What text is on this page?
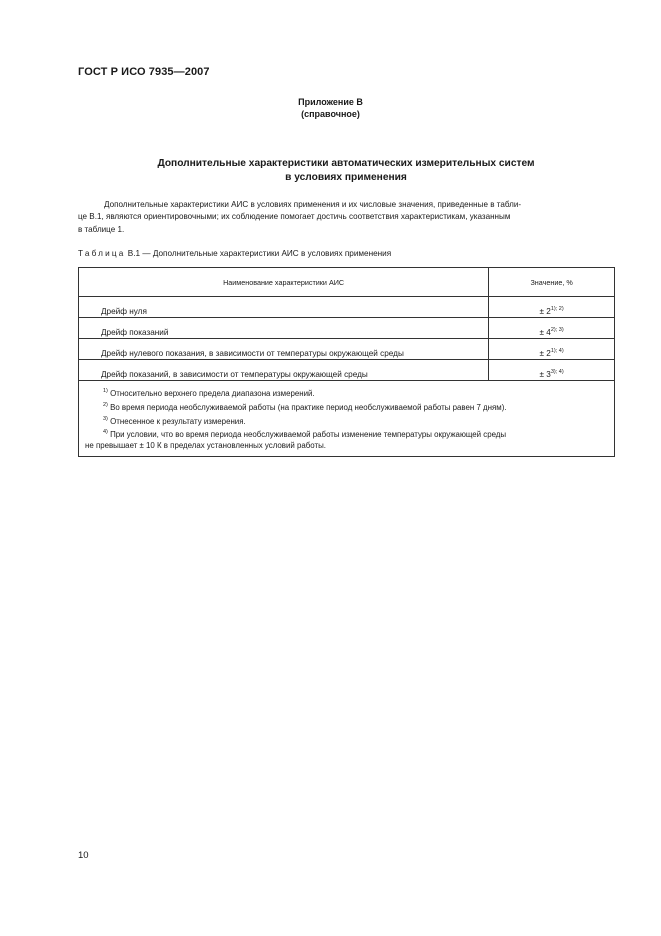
ГОСТ Р ИСО 7935—2007
Приложение В
(справочное)
Дополнительные характеристики автоматических измерительных систем
в условиях применения
Дополнительные характеристики АИС в условиях применения и их числовые значения, приведенные в табли-
це В.1, являются ориентировочными; их соблюдение помогает достичь соответствия характеристикам, указанным
в таблице 1.
Таблица В.1 — Дополнительные характеристики АИС в условиях применения
Наименование характеристики АИС	Значение, %
Дрейф нуля	± $2^{1); 2)}$
Дрейф показаний	± $4^{2); 3)}$
Дрейф нулевого показания, в зависимости от температуры окружающей среды	± $2^{1); 4)}$
Дрейф показаний, в зависимости от температуры окружающей среды	± $3^{3); 4)}$

$^{1)}$ Относительно верхнего предела диапазона измерений.
$^{2)}$ Во время периода необслуживаемой работы (на практике период необслуживаемой работы равен 7 дням).
$^{3)}$ Отнесенное к результату измерения.
$^{4)}$ При условии, что во время периода необслуживаемой работы изменение температуры окружающей среды
не превышает ± 10 К в пределах установленных условий работы.	
10
